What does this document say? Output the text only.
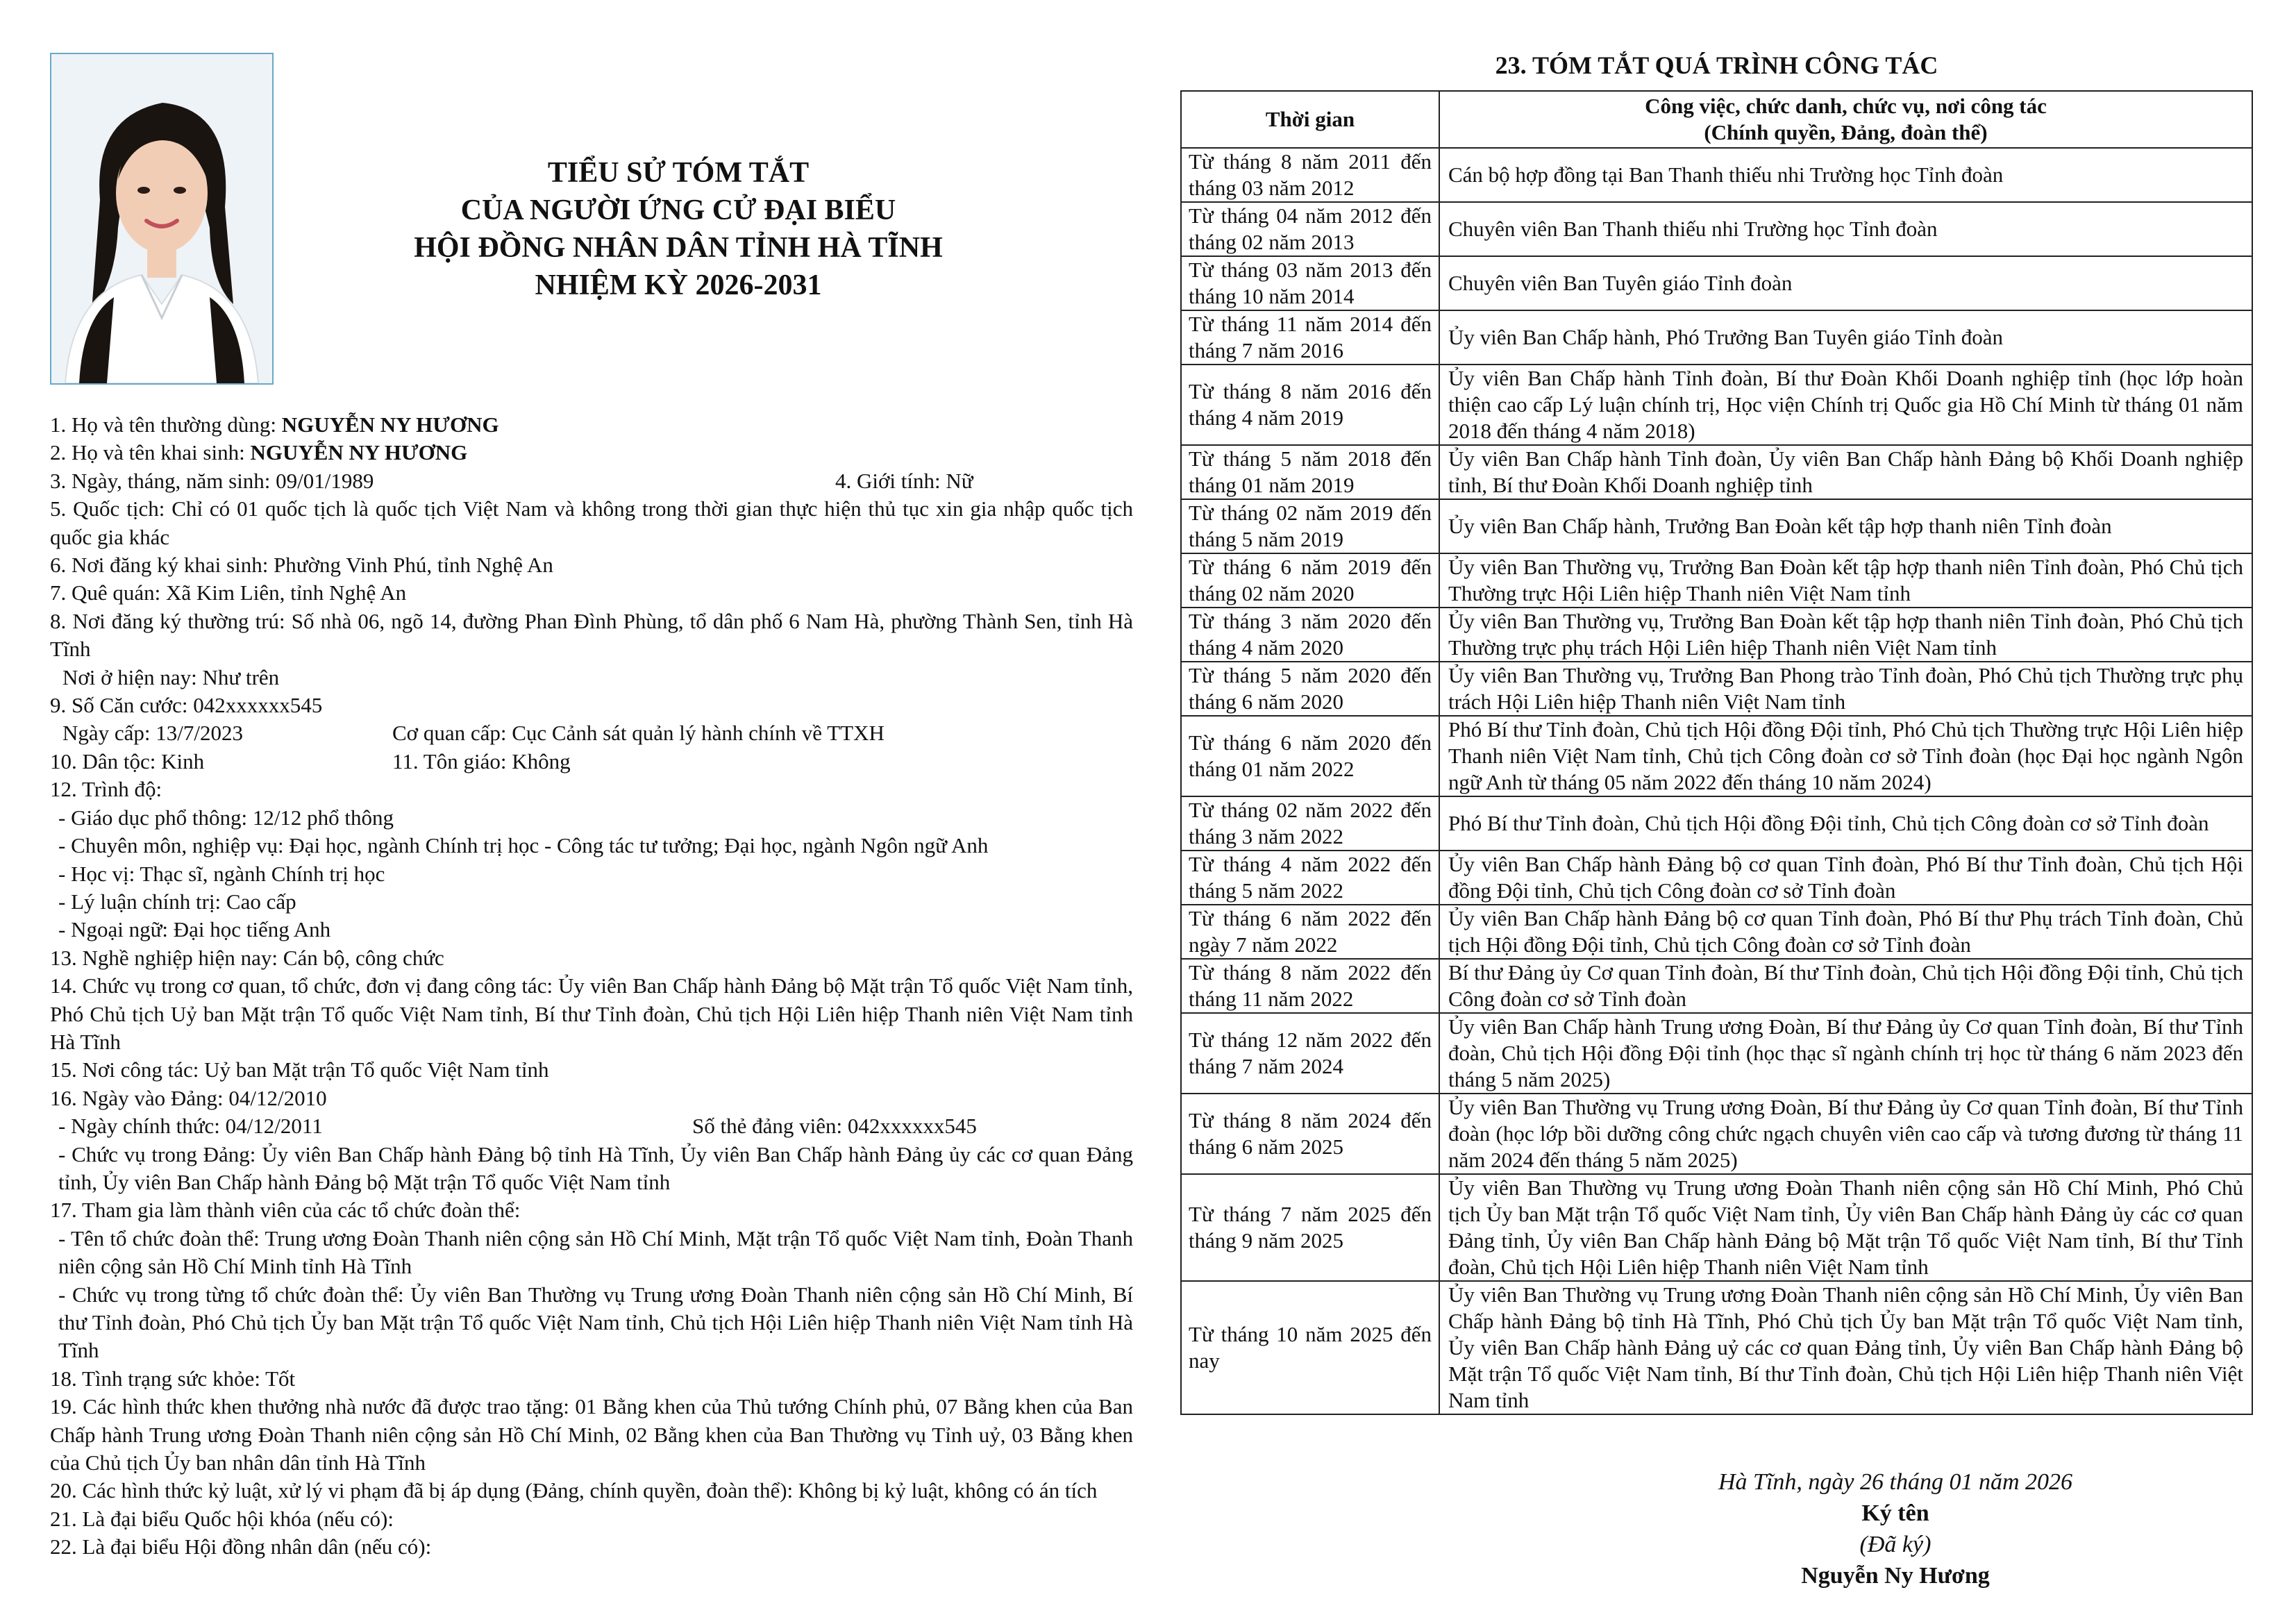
TIỂU SỬ TÓM TẮT
CỦA NGƯỜI ỨNG CỬ ĐẠI BIỂU
HỘI ĐỒNG NHÂN DÂN TỈNH HÀ TĨNH
NHIỆM KỲ 2026-2031
1. Họ và tên thường dùng: NGUYỄN NY HƯƠNG
2. Họ và tên khai sinh: NGUYỄN NY HƯƠNG
3. Ngày, tháng, năm sinh: 09/01/1989	4. Giới tính: Nữ
5. Quốc tịch: Chỉ có 01 quốc tịch là quốc tịch Việt Nam và không trong thời gian thực hiện thủ tục xin gia nhập quốc tịch quốc gia khác
6. Nơi đăng ký khai sinh: Phường Vinh Phú, tỉnh Nghệ An
7. Quê quán: Xã Kim Liên, tỉnh Nghệ An
8. Nơi đăng ký thường trú: Số nhà 06, ngõ 14, đường Phan Đình Phùng, tổ dân phố 6 Nam Hà, phường Thành Sen, tỉnh Hà Tĩnh
Nơi ở hiện nay: Như trên
9. Số Căn cước: 042xxxxxx545
Ngày cấp: 13/7/2023	Cơ quan cấp: Cục Cảnh sát quản lý hành chính về TTXH
10. Dân tộc: Kinh	11. Tôn giáo: Không
12. Trình độ:
- Giáo dục phổ thông: 12/12 phổ thông
- Chuyên môn, nghiệp vụ: Đại học, ngành Chính trị học - Công tác tư tưởng; Đại học, ngành Ngôn ngữ Anh
- Học vị: Thạc sĩ, ngành Chính trị học
- Lý luận chính trị: Cao cấp
- Ngoại ngữ: Đại học tiếng Anh
13. Nghề nghiệp hiện nay: Cán bộ, công chức
14. Chức vụ trong cơ quan, tổ chức, đơn vị đang công tác: Ủy viên Ban Chấp hành Đảng bộ Mặt trận Tổ quốc Việt Nam tỉnh, Phó Chủ tịch Uỷ ban Mặt trận Tổ quốc Việt Nam tỉnh, Bí thư Tỉnh đoàn, Chủ tịch Hội Liên hiệp Thanh niên Việt Nam tỉnh Hà Tĩnh
15. Nơi công tác: Uỷ ban Mặt trận Tổ quốc Việt Nam tỉnh
16. Ngày vào Đảng: 04/12/2010
- Ngày chính thức: 04/12/2011	Số thẻ đảng viên: 042xxxxxx545
- Chức vụ trong Đảng: Ủy viên Ban Chấp hành Đảng bộ tỉnh Hà Tĩnh, Ủy viên Ban Chấp hành Đảng ủy các cơ quan Đảng tỉnh, Ủy viên Ban Chấp hành Đảng bộ Mặt trận Tổ quốc Việt Nam tỉnh
17. Tham gia làm thành viên của các tổ chức đoàn thể:
- Tên tổ chức đoàn thể: Trung ương Đoàn Thanh niên cộng sản Hồ Chí Minh, Mặt trận Tổ quốc Việt Nam tỉnh, Đoàn Thanh niên cộng sản Hồ Chí Minh tỉnh Hà Tĩnh
- Chức vụ trong từng tổ chức đoàn thể: Ủy viên Ban Thường vụ Trung ương Đoàn Thanh niên cộng sản Hồ Chí Minh, Bí thư Tỉnh đoàn, Phó Chủ tịch Ủy ban Mặt trận Tổ quốc Việt Nam tỉnh, Chủ tịch Hội Liên hiệp Thanh niên Việt Nam tỉnh Hà Tĩnh
18. Tình trạng sức khỏe: Tốt
19. Các hình thức khen thưởng nhà nước đã được trao tặng: 01 Bằng khen của Thủ tướng Chính phủ, 07 Bằng khen của Ban Chấp hành Trung ương Đoàn Thanh niên cộng sản Hồ Chí Minh, 02 Bằng khen của Ban Thường vụ Tỉnh uỷ, 03 Bằng khen của Chủ tịch Ủy ban nhân dân tỉnh Hà Tĩnh
20. Các hình thức kỷ luật, xử lý vi phạm đã bị áp dụng (Đảng, chính quyền, đoàn thể): Không bị kỷ luật, không có án tích
21. Là đại biểu Quốc hội khóa (nếu có):
22. Là đại biểu Hội đồng nhân dân (nếu có):
23. TÓM TẮT QUÁ TRÌNH CÔNG TÁC
Thời gian	Công việc, chức danh, chức vụ, nơi công tác
(Chính quyền, Đảng, đoàn thể)

Từ tháng 8 năm 2011 đến tháng 03 năm 2012	Cán bộ hợp đồng tại Ban Thanh thiếu nhi Trường học Tỉnh đoàn
Từ tháng 04 năm 2012 đến tháng 02 năm 2013	Chuyên viên Ban Thanh thiếu nhi Trường học Tỉnh đoàn
Từ tháng 03 năm 2013 đến tháng 10 năm 2014	Chuyên viên Ban Tuyên giáo Tỉnh đoàn
Từ tháng 11 năm 2014 đến tháng 7 năm 2016	Ủy viên Ban Chấp hành, Phó Trưởng Ban Tuyên giáo Tỉnh đoàn
Từ tháng 8 năm 2016 đến tháng 4 năm 2019	Ủy viên Ban Chấp hành Tỉnh đoàn, Bí thư Đoàn Khối Doanh nghiệp tỉnh (học lớp hoàn thiện cao cấp Lý luận chính trị, Học viện Chính trị Quốc gia Hồ Chí Minh từ tháng 01 năm 2018 đến tháng 4 năm 2018)
Từ tháng 5 năm 2018 đến tháng 01 năm 2019	Ủy viên Ban Chấp hành Tỉnh đoàn, Ủy viên Ban Chấp hành Đảng bộ Khối Doanh nghiệp tỉnh, Bí thư Đoàn Khối Doanh nghiệp tỉnh
Từ tháng 02 năm 2019 đến tháng 5 năm 2019	Ủy viên Ban Chấp hành, Trưởng Ban Đoàn kết tập hợp thanh niên Tỉnh đoàn
Từ tháng 6 năm 2019 đến tháng 02 năm 2020	Ủy viên Ban Thường vụ, Trưởng Ban Đoàn kết tập hợp thanh niên Tỉnh đoàn, Phó Chủ tịch Thường trực Hội Liên hiệp Thanh niên Việt Nam tỉnh
Từ tháng 3 năm 2020 đến tháng 4 năm 2020	Ủy viên Ban Thường vụ, Trưởng Ban Đoàn kết tập hợp thanh niên Tỉnh đoàn, Phó Chủ tịch Thường trực phụ trách Hội Liên hiệp Thanh niên Việt Nam tỉnh
Từ tháng 5 năm 2020 đến tháng 6 năm 2020	Ủy viên Ban Thường vụ, Trưởng Ban Phong trào Tỉnh đoàn, Phó Chủ tịch Thường trực phụ trách Hội Liên hiệp Thanh niên Việt Nam tỉnh
Từ tháng 6 năm 2020 đến tháng 01 năm 2022	Phó Bí thư Tỉnh đoàn, Chủ tịch Hội đồng Đội tỉnh, Phó Chủ tịch Thường trực Hội Liên hiệp Thanh niên Việt Nam tỉnh, Chủ tịch Công đoàn cơ sở Tỉnh đoàn (học Đại học ngành Ngôn ngữ Anh từ tháng 05 năm 2022 đến tháng 10 năm 2024)
Từ tháng 02 năm 2022 đến tháng 3 năm 2022	Phó Bí thư Tỉnh đoàn, Chủ tịch Hội đồng Đội tỉnh, Chủ tịch Công đoàn cơ sở Tỉnh đoàn
Từ tháng 4 năm 2022 đến tháng 5 năm 2022	Ủy viên Ban Chấp hành Đảng bộ cơ quan Tỉnh đoàn, Phó Bí thư Tỉnh đoàn, Chủ tịch Hội đồng Đội tỉnh, Chủ tịch Công đoàn cơ sở Tỉnh đoàn
Từ tháng 6 năm 2022 đến ngày 7 năm 2022	Ủy viên Ban Chấp hành Đảng bộ cơ quan Tỉnh đoàn, Phó Bí thư Phụ trách Tỉnh đoàn, Chủ tịch Hội đồng Đội tỉnh, Chủ tịch Công đoàn cơ sở Tỉnh đoàn
Từ tháng 8 năm 2022 đến tháng 11 năm 2022	Bí thư Đảng ủy Cơ quan Tỉnh đoàn, Bí thư Tỉnh đoàn, Chủ tịch Hội đồng Đội tỉnh, Chủ tịch Công đoàn cơ sở Tỉnh đoàn
Từ tháng 12 năm 2022 đến tháng 7 năm 2024	Ủy viên Ban Chấp hành Trung ương Đoàn, Bí thư Đảng ủy Cơ quan Tỉnh đoàn, Bí thư Tỉnh đoàn, Chủ tịch Hội đồng Đội tỉnh (học thạc sĩ ngành chính trị học từ tháng 6 năm 2023 đến tháng 5 năm 2025)
Từ tháng 8 năm 2024 đến tháng 6 năm 2025	Ủy viên Ban Thường vụ Trung ương Đoàn, Bí thư Đảng ủy Cơ quan Tỉnh đoàn, Bí thư Tỉnh đoàn (học lớp bồi dưỡng công chức ngạch chuyên viên cao cấp và tương đương từ tháng 11 năm 2024 đến tháng 5 năm 2025)
Từ tháng 7 năm 2025 đến tháng 9 năm 2025	Ủy viên Ban Thường vụ Trung ương Đoàn Thanh niên cộng sản Hồ Chí Minh, Phó Chủ tịch Ủy ban Mặt trận Tổ quốc Việt Nam tỉnh, Ủy viên Ban Chấp hành Đảng ủy các cơ quan Đảng tỉnh, Ủy viên Ban Chấp hành Đảng bộ Mặt trận Tổ quốc Việt Nam tỉnh, Bí thư Tỉnh đoàn, Chủ tịch Hội Liên hiệp Thanh niên Việt Nam tỉnh
Từ tháng 10 năm 2025 đến nay	Ủy viên Ban Thường vụ Trung ương Đoàn Thanh niên cộng sản Hồ Chí Minh, Ủy viên Ban Chấp hành Đảng bộ tỉnh Hà Tĩnh, Phó Chủ tịch Ủy ban Mặt trận Tổ quốc Việt Nam tỉnh, Ủy viên Ban Chấp hành Đảng uỷ các cơ quan Đảng tỉnh, Ủy viên Ban Chấp hành Đảng bộ Mặt trận Tổ quốc Việt Nam tỉnh, Bí thư Tỉnh đoàn, Chủ tịch Hội Liên hiệp Thanh niên Việt Nam tỉnh
Hà Tĩnh, ngày 26 tháng 01 năm 2026
Ký tên
(Đã ký)
Nguyễn Ny Hương
